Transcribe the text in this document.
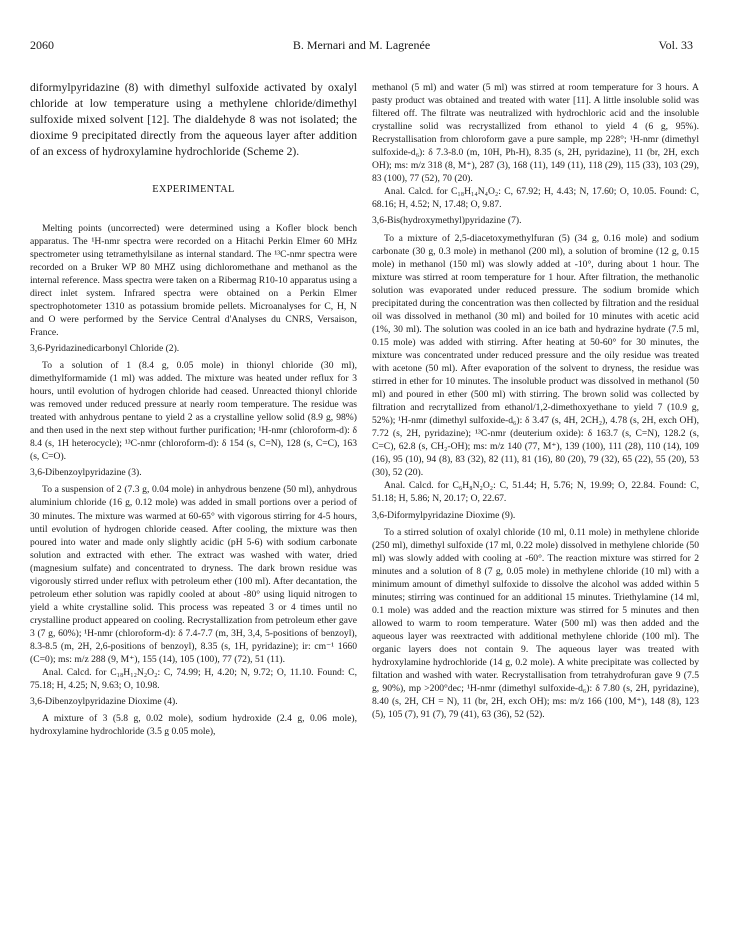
2060	B. Mernari and M. Lagrenée	Vol. 33

diformylpyridazine (8) with dimethyl sulfoxide activated by oxalyl chloride at low temperature using a methylene chloride/dimethyl sulfoxide mixed solvent [12]. The dialdehyde 8 was not isolated; the dioxime 9 precipitated directly from the aqueous layer after addition of an excess of hydroxylamine hydrochloride (Scheme 2).

EXPERIMENTAL

Melting points (uncorrected) were determined using a Kofler block bench apparatus. The ¹H-nmr spectra were recorded on a Hitachi Perkin Elmer 60 MHz spectrometer using tetramethylsilane as internal standard. The ¹³C-nmr spectra were recorded on a Bruker WP 80 MHZ using dichloromethane and methanol as the internal reference. Mass spectra were taken on a Ribermag R10-10 apparatus using a direct inlet system. Infrared spectra were obtained on a Perkin Elmer spectrophotometer 1310 as potassium bromide pellets. Microanalyses for C, H, N and O were performed by the Service Central d'Analyses du CNRS, Versaison, France.

3,6-Pyridazinedicarbonyl Chloride (2).

To a solution of 1 (8.4 g, 0.05 mole) in thionyl chloride (30 ml), dimethylformamide (1 ml) was added. The mixture was heated under reflux for 3 hours, until evolution of hydrogen chloride had ceased. Unreacted thionyl chloride was removed under reduced pressure at nearly room temperature. The residue was treated with anhydrous pentane to yield 2 as a crystalline yellow solid (8.9 g, 98%) and then used in the next step without further purification; ¹H-nmr (chloroform-d): δ 8.4 (s, 1H heterocycle); ¹³C-nmr (chloroform-d): δ 154 (s, C=N), 128 (s, C=C), 163 (s, C=O).

3,6-Dibenzoylpyridazine (3).

To a suspension of 2 (7.3 g, 0.04 mole) in anhydrous benzene (50 ml), anhydrous aluminium chloride (16 g, 0.12 mole) was added in small portions over a period of 30 minutes. The mixture was warmed at 60-65° with vigorous stirring for 4-5 hours, until evolution of hydrogen chloride ceased. After cooling, the mixture was then poured into water and made only slightly acidic (pH 5-6) with sodium carbonate solution and extracted with ether. The extract was washed with water, dried (magnesium sulfate) and concentrated to dryness. The dark brown residue was vigorously stirred under reflux with petroleum ether (100 ml). After decantation, the petroleum ether solution was rapidly cooled at about -80° using liquid nitrogen to yield a white crystalline solid. This process was repeated 3 or 4 times until no crystalline product appeared on cooling. Recrystallization from petroleum ether gave 3 (7 g, 60%); ¹H-nmr (chloroform-d): δ 7.4-7.7 (m, 3H, 3,4, 5-positions of benzoyl), 8.3-8.5 (m, 2H, 2,6-positions of benzoyl), 8.35 (s, 1H, pyridazine); ir: cm⁻¹ 1660 (C=0); ms: m/z 288 (9, M⁺), 155 (14), 105 (100), 77 (72), 51 (11).

Anal. Calcd. for C₁₈H₁₂N₂O₂: C, 74.99; H, 4.20; N, 9.72; O, 11.10. Found: C, 75.18; H, 4.25; N, 9.63; O, 10.98.

3,6-Dibenzoylpyridazine Dioxime (4).

A mixture of 3 (5.8 g, 0.02 mole), sodium hydroxide (2.4 g, 0.06 mole), hydroxylamine hydrochloride (3.5 g 0.05 mole),

methanol (5 ml) and water (5 ml) was stirred at room temperature for 3 hours. A pasty product was obtained and treated with water [11]. A little insoluble solid was filtered off. The filtrate was neutralized with hydrochloric acid and the insoluble crystalline solid was recrystallized from ethanol to yield 4 (6 g, 95%). Recrystallisation from chloroform gave a pure sample, mp 228°; ¹H-nmr (dimethyl sulfoxide-d₆): δ 7.3-8.0 (m, 10H, Ph-H), 8.35 (s, 2H, pyridazine), 11 (br, 2H, exch OH); ms: m/z 318 (8, M⁺), 287 (3), 168 (11), 149 (11), 118 (29), 115 (33), 103 (29), 83 (100), 77 (52), 70 (20).

Anal. Calcd. for C₁₈H₁₄N₄O₂: C, 67.92; H, 4.43; N, 17.60; O, 10.05. Found: C, 68.16; H, 4.52; N, 17.48; O, 9.87.

3,6-Bis(hydroxymethyl)pyridazine (7).

To a mixture of 2,5-diacetoxymethylfuran (5) (34 g, 0.16 mole) and sodium carbonate (30 g, 0.3 mole) in methanol (200 ml), a solution of bromine (12 g, 0.15 mole) in methanol (150 ml) was slowly added at -10°, during about 1 hour. The mixture was stirred at room temperature for 1 hour. After filtration, the methanolic solution was evaporated under reduced pressure. The sodium bromide which precipitated during the concentration was then collected by filtration and the residual oil was dissolved in methanol (30 ml) and boiled for 10 minutes with acetic acid (1%, 30 ml). The solution was cooled in an ice bath and hydrazine hydrate (7.5 ml, 0.15 mole) was added with stirring. After heating at 50-60° for 30 minutes, the mixture was concentrated under reduced pressure and the oily residue was treated with acetone (50 ml). After evaporation of the solvent to dryness, the residue was stirred in ether for 10 minutes. The insoluble product was dissolved in methanol (50 ml) and poured in ether (500 ml) with stirring. The brown solid was collected by filtration and recrytallized from ethanol/1,2-dimethoxyethane to yield 7 (10.9 g, 52%); ¹H-nmr (dimethyl sulfoxide-d₆): δ 3.47 (s, 4H, 2CH₂), 4.78 (s, 2H, exch OH), 7.72 (s, 2H, pyridazine); ¹³C-nmr (deuterium oxide): δ 163.7 (s, C=N), 128.2 (s, C=C), 62.8 (s, CH₂-OH); ms: m/z 140 (77, M⁺), 139 (100), 111 (28), 110 (14), 109 (16), 95 (10), 94 (8), 83 (32), 82 (11), 81 (16), 80 (20), 79 (32), 65 (22), 55 (20), 53 (30), 52 (20).

Anal. Calcd. for C₆H₈N₂O₂: C, 51.44; H, 5.76; N, 19.99; O, 22.84. Found: C, 51.18; H, 5.86; N, 20.17; O, 22.67.

3,6-Diformylpyridazine Dioxime (9).

To a stirred solution of oxalyl chloride (10 ml, 0.11 mole) in methylene chloride (250 ml), dimethyl sulfoxide (17 ml, 0.22 mole) dissolved in methylene chloride (50 ml) was slowly added with cooling at -60°. The reaction mixture was stirred for 2 minutes and a solution of 8 (7 g, 0.05 mole) in methylene chloride (10 ml) with a minimum amount of dimethyl sulfoxide to dissolve the alcohol was added within 5 minutes; stirring was continued for an additional 15 minutes. Triethylamine (14 ml, 0.1 mole) was added and the reaction mixture was stirred for 5 minutes and then allowed to warm to room temperature. Water (500 ml) was then added and the aqueous layer was reextracted with additional methylene chloride (100 ml). The organic layers does not contain 9. The aqueous layer was treated with hydroxylamine hydrochloride (14 g, 0.2 mole). A white precipitate was collected by filtation and washed with water. Recrystallisation from tetrahydrofuran gave 9 (7.5 g, 90%), mp >200°dec; ¹H-nmr (dimethyl sulfoxide-d₆): δ 7.80 (s, 2H, pyridazine), 8.40 (s, 2H, CH = N), 11 (br, 2H, exch OH); ms: m/z 166 (100, M⁺), 148 (8), 123 (5), 105 (7), 91 (7), 79 (41), 63 (36), 52 (52).
